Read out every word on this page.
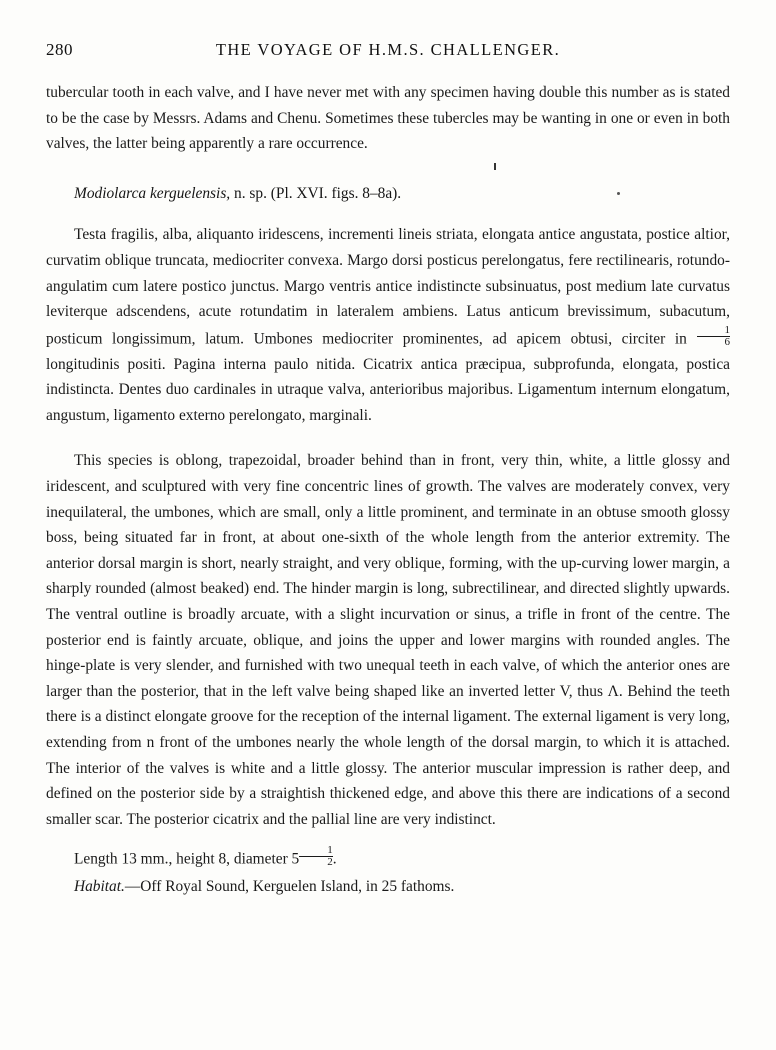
280	THE VOYAGE OF H.M.S. CHALLENGER.

tubercular tooth in each valve, and I have never met with any specimen having double this number as is stated to be the case by Messrs. Adams and Chenu. Sometimes these tubercles may be wanting in one or even in both valves, the latter being apparently a rare occurrence.

Modiolarca kerguelensis, n. sp. (Pl. XVI. figs. 8–8a).

Testa fragilis, alba, aliquanto iridescens, incrementi lineis striata, elongata antice angustata, postice altior, curvatim oblique truncata, mediocriter convexa. Margo dorsi posticus perelongatus, fere rectilinearis, rotundo-angulatim cum latere postico junctus. Margo ventris antice indistincte subsinuatus, post medium late curvatus leviterque adscendens, acute rotundatim in lateralem ambiens. Latus anticum brevissimum, subacutum, posticum longissimum, latum. Umbones mediocriter prominentes, ad apicem obtusi, circiter in $\frac{1}{6}$
longitudinis positi. Pagina interna paulo nitida. Cicatrix antica præcipua, subprofunda, elongata, postica indistincta. Dentes duo cardinales in utraque valva, anterioribus majoribus. Ligamentum internum elongatum, angustum, ligamento externo perelongato, marginali.

This species is oblong, trapezoidal, broader behind than in front, very thin, white, a little glossy and iridescent, and sculptured with very fine concentric lines of growth. The valves are moderately convex, very inequilateral, the umbones, which are small, only a little prominent, and terminate in an obtuse smooth glossy boss, being situated far in front, at about one-sixth of the whole length from the anterior extremity. The anterior dorsal margin is short, nearly straight, and very oblique, forming, with the up-curving lower margin, a sharply rounded (almost beaked) end. The hinder margin is long, subrectilinear, and directed slightly upwards. The ventral outline is broadly arcuate, with a slight incurvation or sinus, a trifle in front of the centre. The posterior end is faintly arcuate, oblique, and joins the upper and lower margins with rounded angles. The hinge-plate is very slender, and furnished with two unequal teeth in each valve, of which the anterior ones are larger than the posterior, that in the left valve being shaped like an inverted letter V, thus Λ. Behind the teeth there is a distinct elongate groove for the reception of the internal ligament. The external ligament is very long, extending from n front of the umbones nearly the whole length of the dorsal margin, to which it is attached. The interior of the valves is white and a little glossy. The anterior muscular impression is rather deep, and defined on the posterior side by a straightish thickened edge, and above this there are indications of a second smaller scar. The posterior cicatrix and the pallial line are very indistinct.

Length 13 mm., height 8, diameter $5 \frac{1}{2}$ .

Habitat.—Off Royal Sound, Kerguelen Island, in 25 fathoms.
